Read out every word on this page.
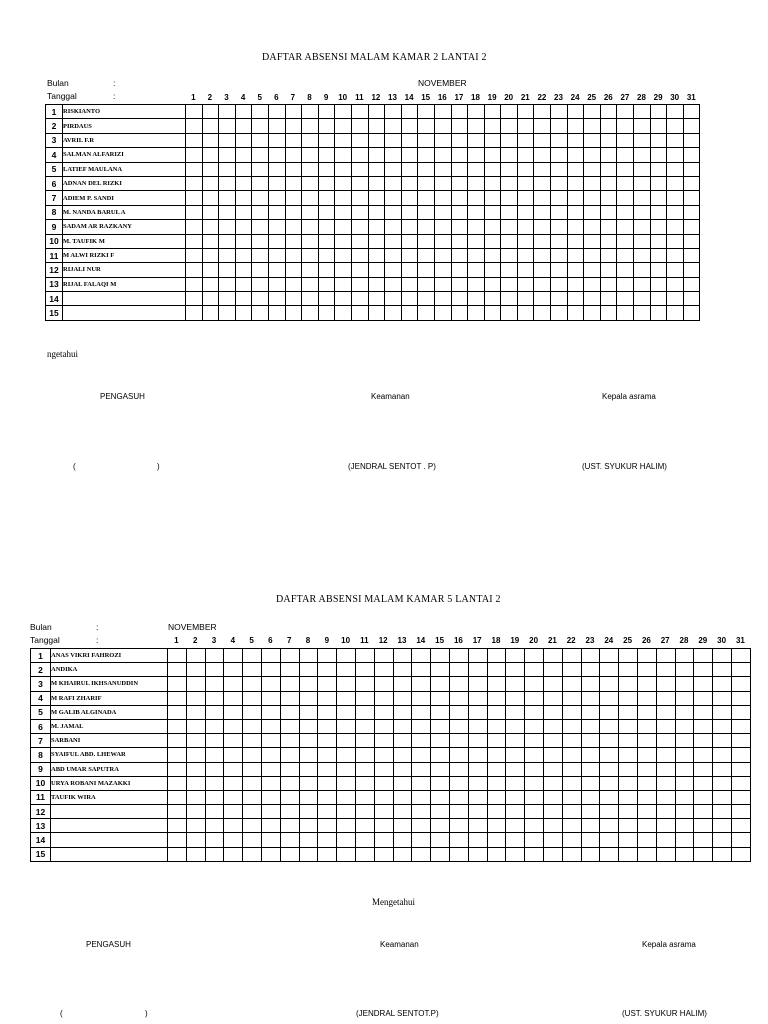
DAFTAR ABSENSI MALAM KAMAR 2 LANTAI 2
Bulan	:	NOVEMBER
Tanggal	:	1	2	3	4	5	6	7	8	9	10 11 12 13 14 15 16 17 18 19 20 21 22 23 24 25 26 27 28 29 30 31
1	RISKIANTO																															
2	PIRDAUS																															
3	AVRIL F.R																															
4	SALMAN ALFARIZI																															
5	LATIEF MAULANA																															
6	ADNAN DEL RIZKI																															
7	ADIEM P. SANDI																															
8	M. NANDA BARUL A																															
9	SADAM AR RAZKANY																															
10	M. TAUFIK M																															
11	M ALWI RIZKI F																															
12	RIJALI NUR																															
13	RIJAL FALAQI M																															
14																																
15																																
ngetahui
PENGASUH	Keamanan	Kepala asrama
(	)	(JENDRAL SENTOT . P)	(UST. SYUKUR HALIM)
DAFTAR ABSENSI MALAM KAMAR 5 LANTAI 2
Bulan	:	NOVEMBER
Tanggal	:	1	2	3	4	5	6	7	8	9	10	11	12	13	14	15	16	17	18	19	20	21	22	23	24	25	26	27	28	29	30	31
1	ANAS VIKRI FAHROZI																															
2	ANDIKA																															
3	M KHAIRUL IKHSANUDDIN																															
4	M RAFI ZHARIF																															
5	M GALIB ALGINADA																															
6	M. JAMAL																															
7	SARBANI																															
8	SYAIFUL ABD. LHEWAR																															
9	ABD UMAR SAPUTRA																															
10	URYA ROBANI MAZAKKI																															
11	TAUFIK WIRA																															
12																																
13																																
14																																
15																																
Mengetahui
PENGASUH	Keamanan	Kepala asrama
(	)	(JENDRAL SENTOT.P)	(UST. SYUKUR HALIM)
